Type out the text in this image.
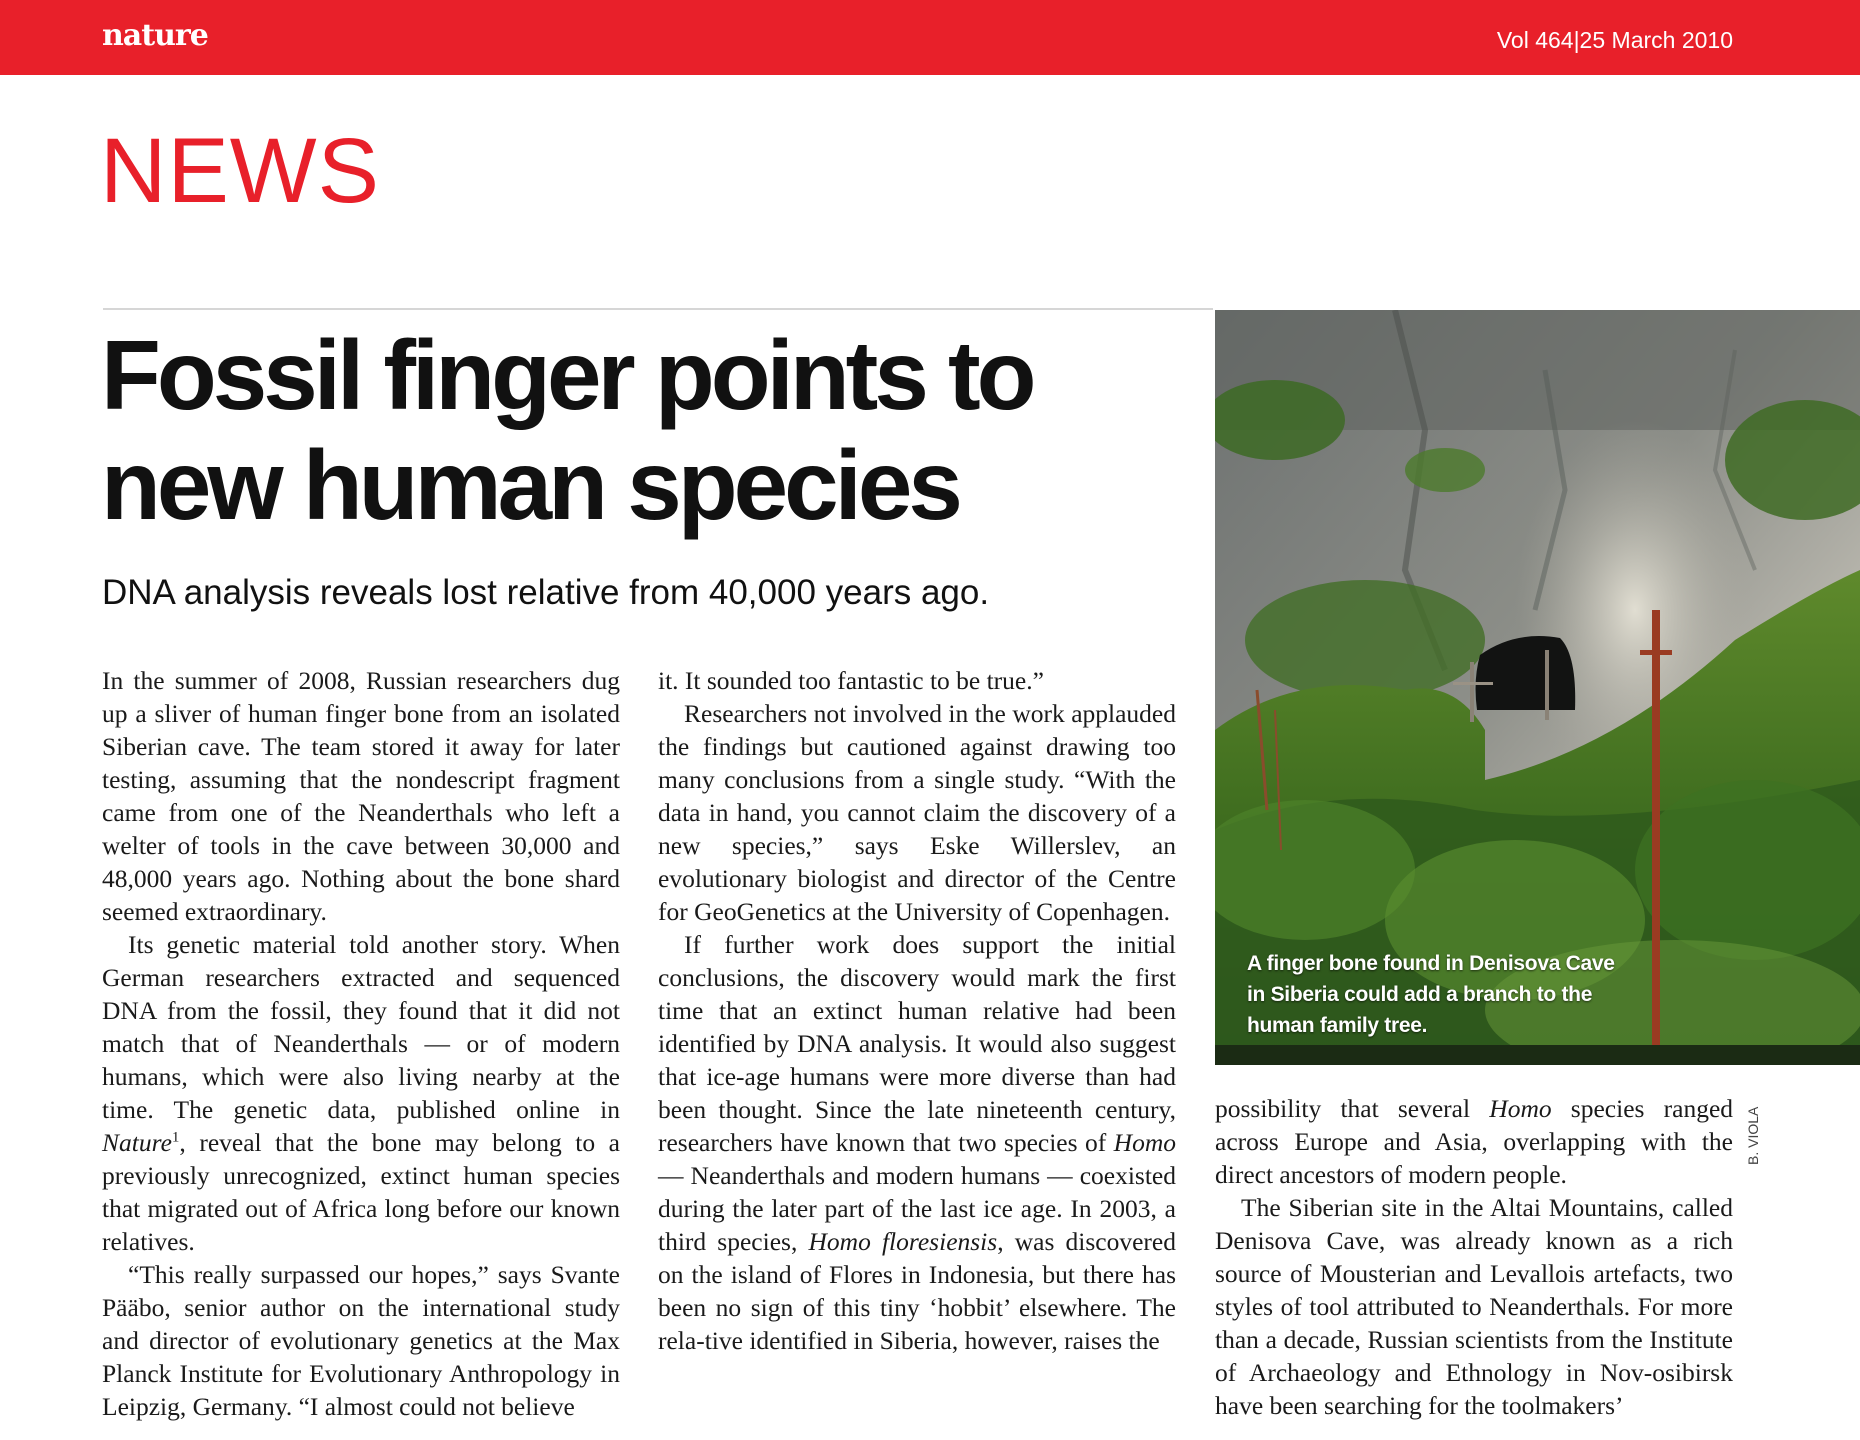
nature	Vol 464|25 March 2010
NEWS
Fossil finger points to
new human species
DNA analysis reveals lost relative from 40,000 years ago.
A finger bone found in Denisova Cave in Siberia could add a branch to the human family tree.
B. VIOLA

In the summer of 2008, Russian researchers dug up a sliver of human finger bone from an isolated Siberian cave. The team stored it away for later testing, assuming that the nondescript fragment came from one of the Neanderthals who left a welter of tools in the cave between 30,000 and 48,000 years ago. Nothing about the bone shard seemed extraordinary.

Its genetic material told another story. When German researchers extracted and sequenced DNA from the fossil, they found that it did not match that of Neanderthals — or of modern humans, which were also living nearby at the time. The genetic data, published online in Nature$^1$, reveal that the bone may belong to a previously unrecognized, extinct human species that migrated out of Africa long before our known relatives.

“This really surpassed our hopes,” says Svante Pääbo, senior author on the international study and director of evolutionary genetics at the Max Planck Institute for Evolutionary Anthropology in Leipzig, Germany. “I almost could not believe

it. It sounded too fantastic to be true.”

Researchers not involved in the work applauded the findings but cautioned against drawing too many conclusions from a single study. “With the data in hand, you cannot claim the discovery of a new species,” says Eske Willerslev, an evolutionary biologist and director of the Centre for GeoGenetics at the University of Copenhagen.

If further work does support the initial conclusions, the discovery would mark the first time that an extinct human relative had been identified by DNA analysis. It would also suggest that ice-age humans were more diverse than had been thought. Since the late nineteenth century, researchers have known that two species of Homo — Neanderthals and modern humans — coexisted during the later part of the last ice age. In 2003, a third species, Homo floresiensis, was discovered on the island of Flores in Indonesia, but there has been no sign of this tiny ‘hobbit’ elsewhere. The rela-tive identified in Siberia, however, raises the

possibility that several Homo species ranged across Europe and Asia, overlapping with the direct ancestors of modern people.

The Siberian site in the Altai Mountains, called Denisova Cave, was already known as a rich source of Mousterian and Levallois artefacts, two styles of tool attributed to Neanderthals. For more than a decade, Russian scientists from the Institute of Archaeology and Ethnology in Nov-osibirsk have been searching for the toolmakers’
